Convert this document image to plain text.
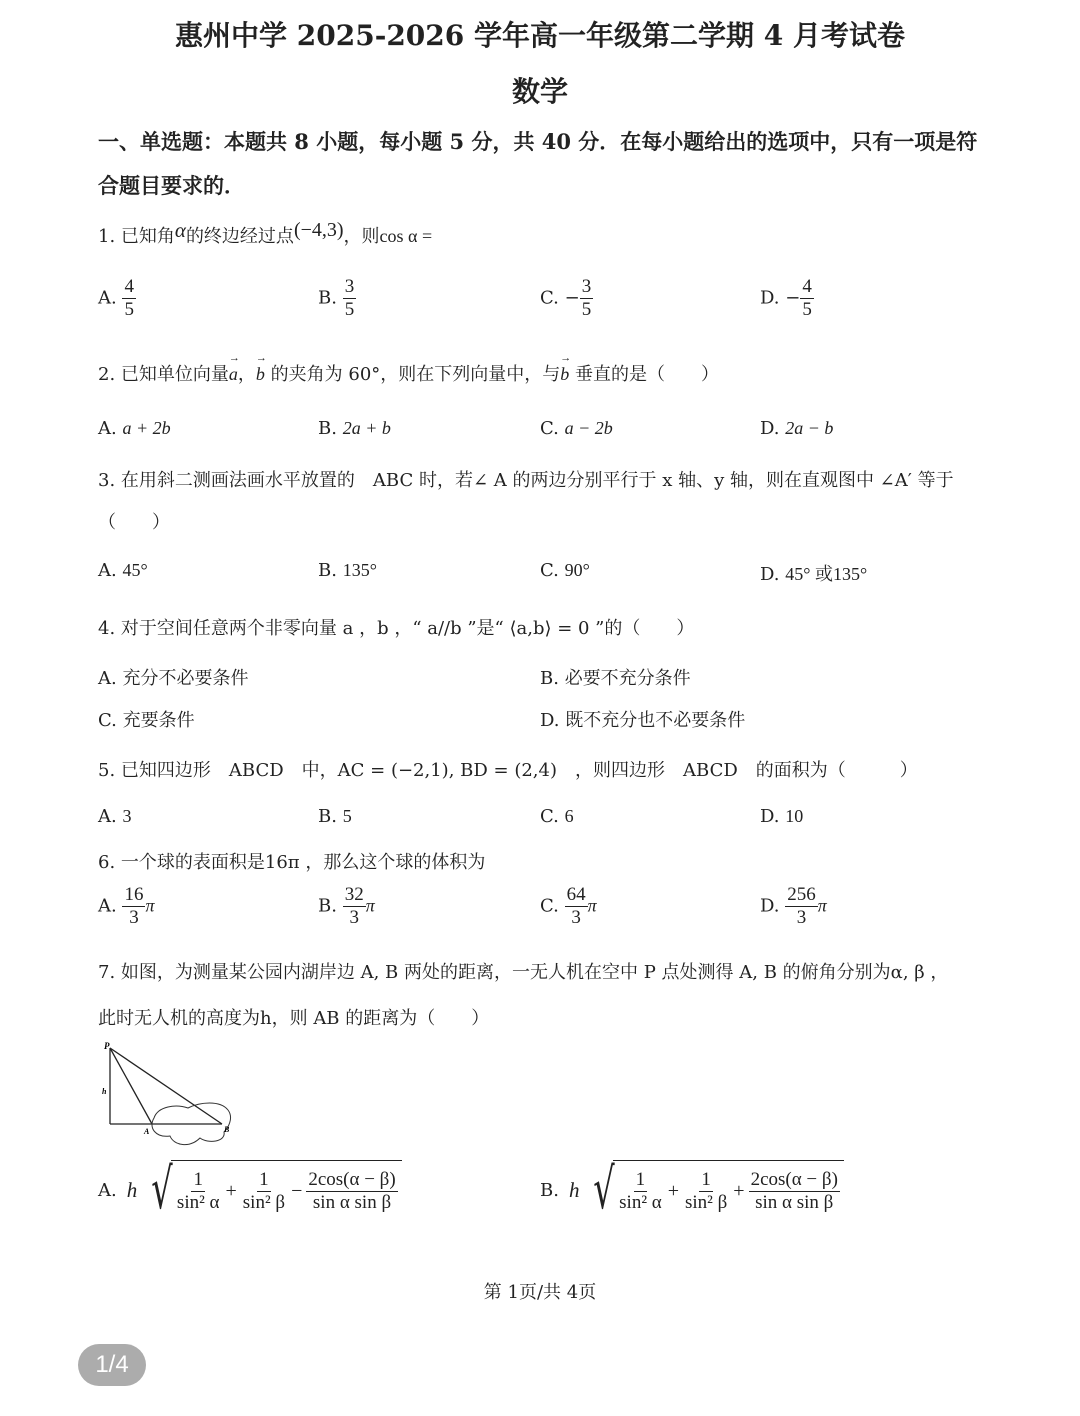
惠州中学 2025-2026 学年高一年级第二学期 4 月考试卷
数学
一、单选题：本题共 8 小题，每小题 5 分，共 40 分．在每小题给出的选项中，只有一项是符
合题目要求的．
1. 已知角α的终边经过点(−4,3)，则cos α =
A. $\frac{4}{5}$	B. $\frac{3}{5}$	C. − $\frac{3}{5}$	D. − $\frac{4}{5}$
2. 已知单位向量→ a，→ b 的夹角为 60°，则在下列向量中，与→ b 垂直的是（　　）
A. a + 2b	B. 2a + b	C. a − 2b	D. 2a − b
3. 在用斜二测画法画水平放置的　ABC 时，若∠ A 的两边分别平行于 x 轴、y 轴，则在直观图中 ∠A′ 等于
（　　）
A. 45°	B. 135°	C. 90°	D. 45° 或135°
4. 对于空间任意两个非零向量 a ，b ，“ a//b ”是“ ⟨a,b⟩ = 0 ”的（　　）
A. 充分不必要条件	B. 必要不充分条件
C. 充要条件	D. 既不充分也不必要条件
5. 已知四边形　ABCD　中，AC = (−2,1), BD = (2,4)　，则四边形　ABCD　的面积为（　　　）
A. 3	B. 5	C. 6	D. 10
6. 一个球的表面积是16π ，那么这个球的体积为
A. $\frac{16}{3}$ π	B. $\frac{32}{3}$ π	C. $\frac{64}{3}$ π	D. $\frac{256}{3}$ π
7. 如图，为测量某公园内湖岸边 A, B 两处的距离，一无人机在空中 P 点处测得 A, B 的俯角分别为α, β ，
此时无人机的高度为h，则 AB 的距离为（　　）
P
h
A	B
A. h √ $\frac{1}{\text{sin² α}} + \frac{1}{\text{sin² β}} - \frac{2\cos(\alpha - \beta)}{\text{sin α sin β}}$	B. h √ $\frac{1}{\text{sin² α}} + \frac{1}{\text{sin² β}} + \frac{2\cos(\alpha - \beta)}{\text{sin α sin β}}$
第 1页/共 4页
1/4
